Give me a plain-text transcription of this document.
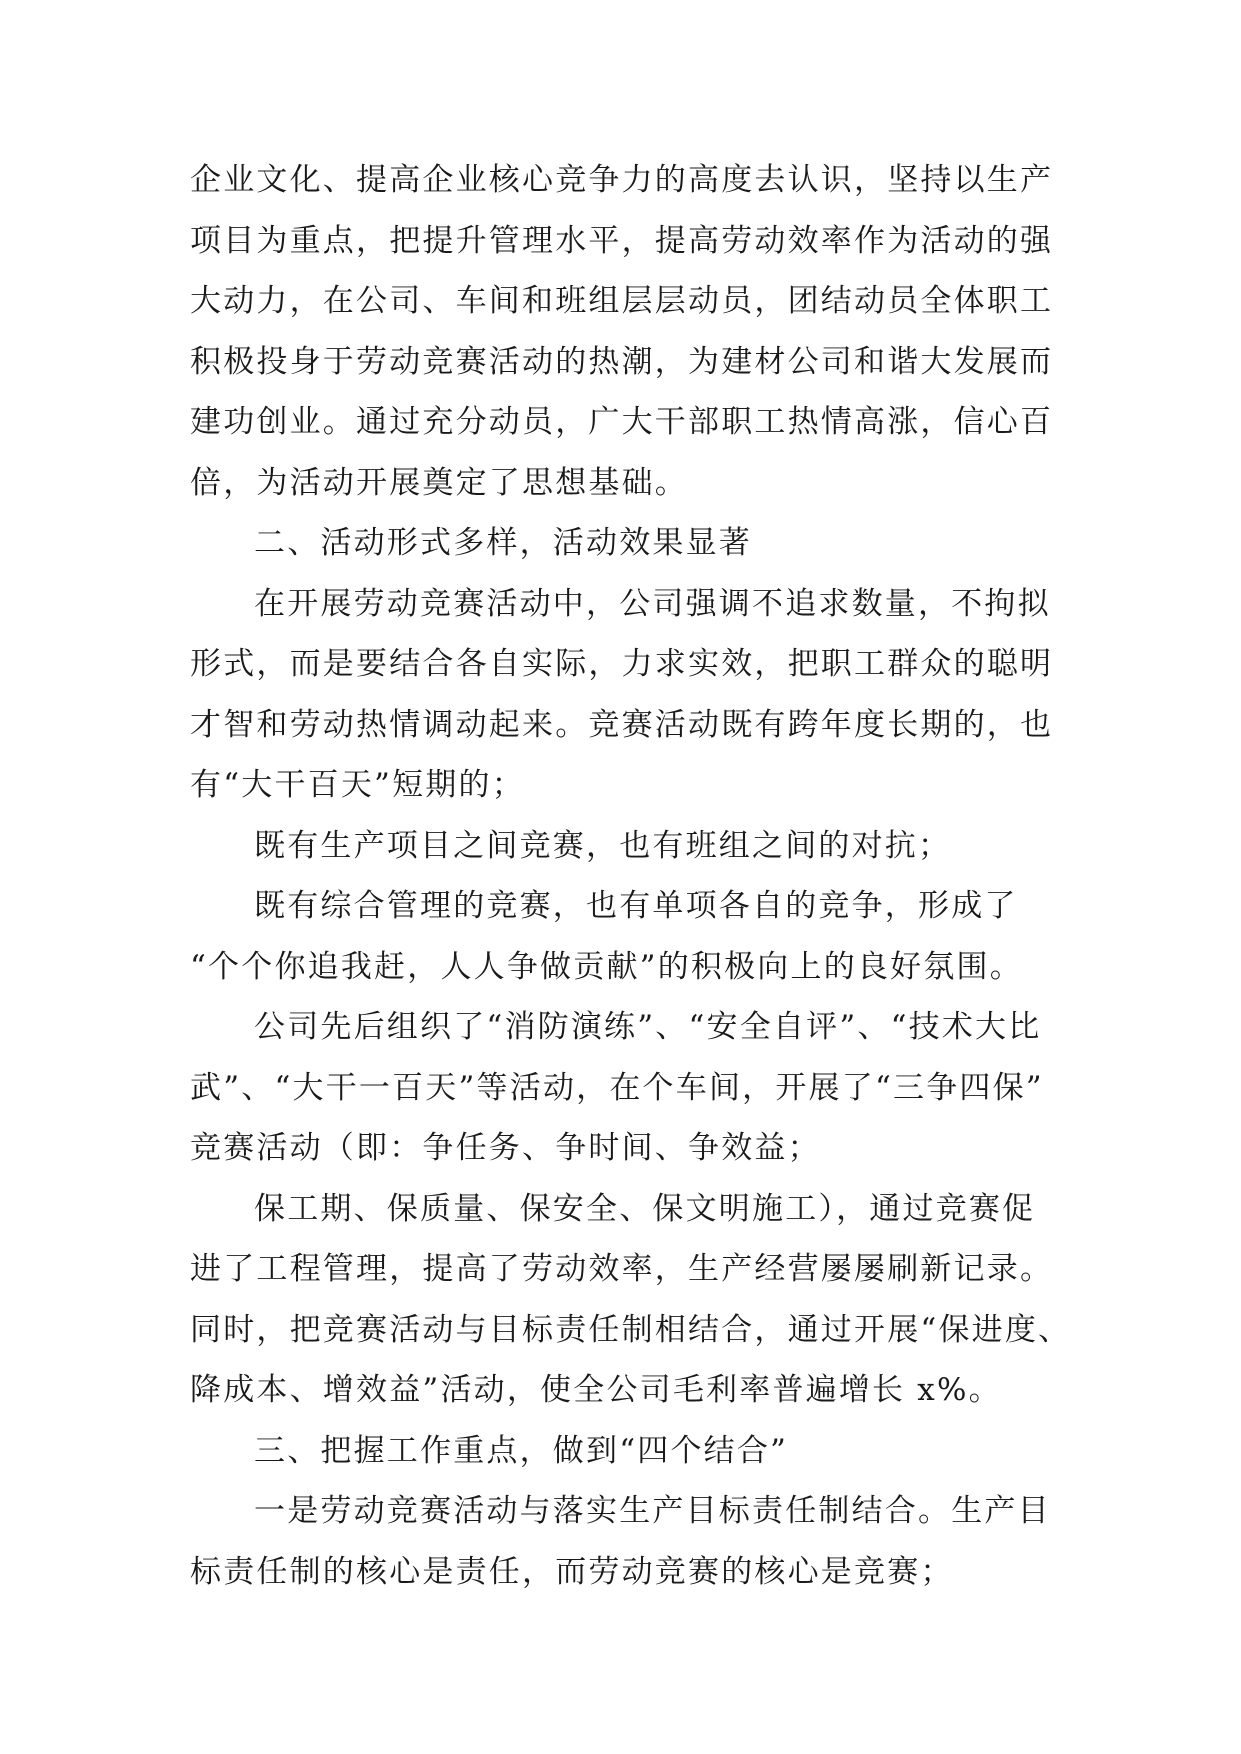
企业文化、提高企业核心竞争力的高度去认识，坚持以生产
项目为重点，把提升管理水平，提高劳动效率作为活动的强
大动力，在公司、车间和班组层层动员，团结动员全体职工
积极投身于劳动竞赛活动的热潮，为建材公司和谐大发展而
建功创业。通过充分动员，广大干部职工热情高涨，信心百
倍，为活动开展奠定了思想基础。
二、活动形式多样，活动效果显著
在开展劳动竞赛活动中，公司强调不追求数量，不拘拟
形式，而是要结合各自实际，力求实效，把职工群众的聪明
才智和劳动热情调动起来。竞赛活动既有跨年度长期的，也
有“大干百天”短期的；
既有生产项目之间竞赛，也有班组之间的对抗；
既有综合管理的竞赛，也有单项各自的竞争，形成了
“个个你追我赶，人人争做贡献”的积极向上的良好氛围。
公司先后组织了“消防演练”、“安全自评”、“技术大比
武”、“大干一百天”等活动，在个车间，开展了“三争四保”
竞赛活动（即：争任务、争时间、争效益；
保工期、保质量、保安全、保文明施工），通过竞赛促
进了工程管理，提高了劳动效率，生产经营屡屡刷新记录。
同时，把竞赛活动与目标责任制相结合，通过开展“保进度、
降成本、增效益”活动，使全公司毛利率普遍增长 x%。
三、把握工作重点，做到“四个结合”
一是劳动竞赛活动与落实生产目标责任制结合。生产目
标责任制的核心是责任，而劳动竞赛的核心是竞赛；
